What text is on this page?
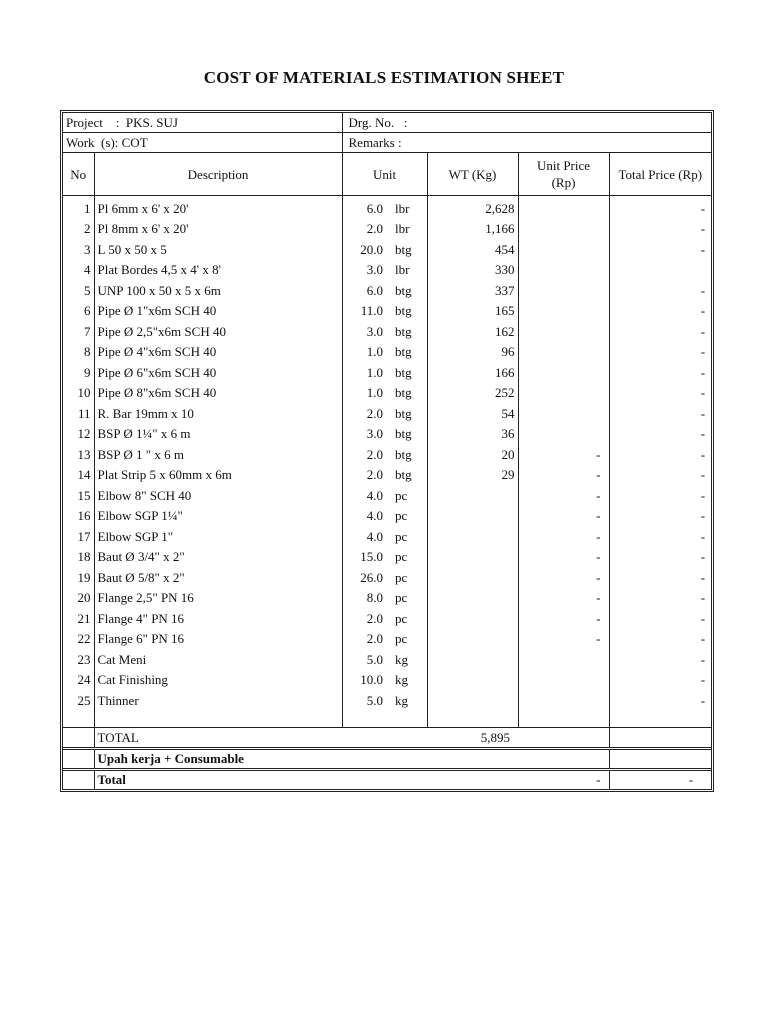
COST OF MATERIALS ESTIMATION SHEET
Project    :  PKS. SUJ		Drg. No.   :				
Work  (s): COT		Remarks :				
No	Description	Unit		WT (Kg)	Unit Price (Rp)	Total Price (Rp)
1	Pl 6mm x 6' x 20'	6.0	lbr	2,628		-
2	Pl 8mm x 6' x 20'	2.0	lbr	1,166		-
3	L 50 x 50 x 5	20.0	btg	454		-
4	Plat Bordes 4,5 x 4' x 8'	3.0	lbr	330		
5	UNP 100 x 50 x 5 x 6m	6.0	btg	337		-
6	Pipe Ø 1"x6m SCH 40	11.0	btg	165		-
7	Pipe Ø 2,5"x6m SCH 40	3.0	btg	162		-
8	Pipe Ø 4"x6m SCH 40	1.0	btg	96		-
9	Pipe Ø 6"x6m SCH 40	1.0	btg	166		-
10	Pipe Ø 8"x6m SCH 40	1.0	btg	252		-
11	R. Bar 19mm x 10	2.0	btg	54		-
12	BSP Ø 1¼" x 6 m	3.0	btg	36		-
13	BSP Ø 1 " x 6 m	2.0	btg	20	-	-
14	Plat Strip 5 x 60mm x 6m	2.0	btg	29	-	-
15	Elbow 8" SCH 40	4.0	pc		-	-
16	Elbow SGP 1¼"	4.0	pc		-	-
17	Elbow SGP 1"	4.0	pc		-	-
18	Baut Ø 3/4" x 2"	15.0	pc		-	-
19	Baut Ø 5/8" x 2"	26.0	pc		-	-
20	Flange 2,5" PN 16	8.0	pc		-	-
21	Flange 4" PN 16	2.0	pc		-	-
22	Flange 6" PN 16	2.0	pc		-	-
23	Cat Meni	5.0	kg			-
24	Cat Finishing	10.0	kg			-
25	Thinner	5.0	kg			-

	TOTAL			5,895		
	Upah kerja + Consumable					
	Total				-	-
